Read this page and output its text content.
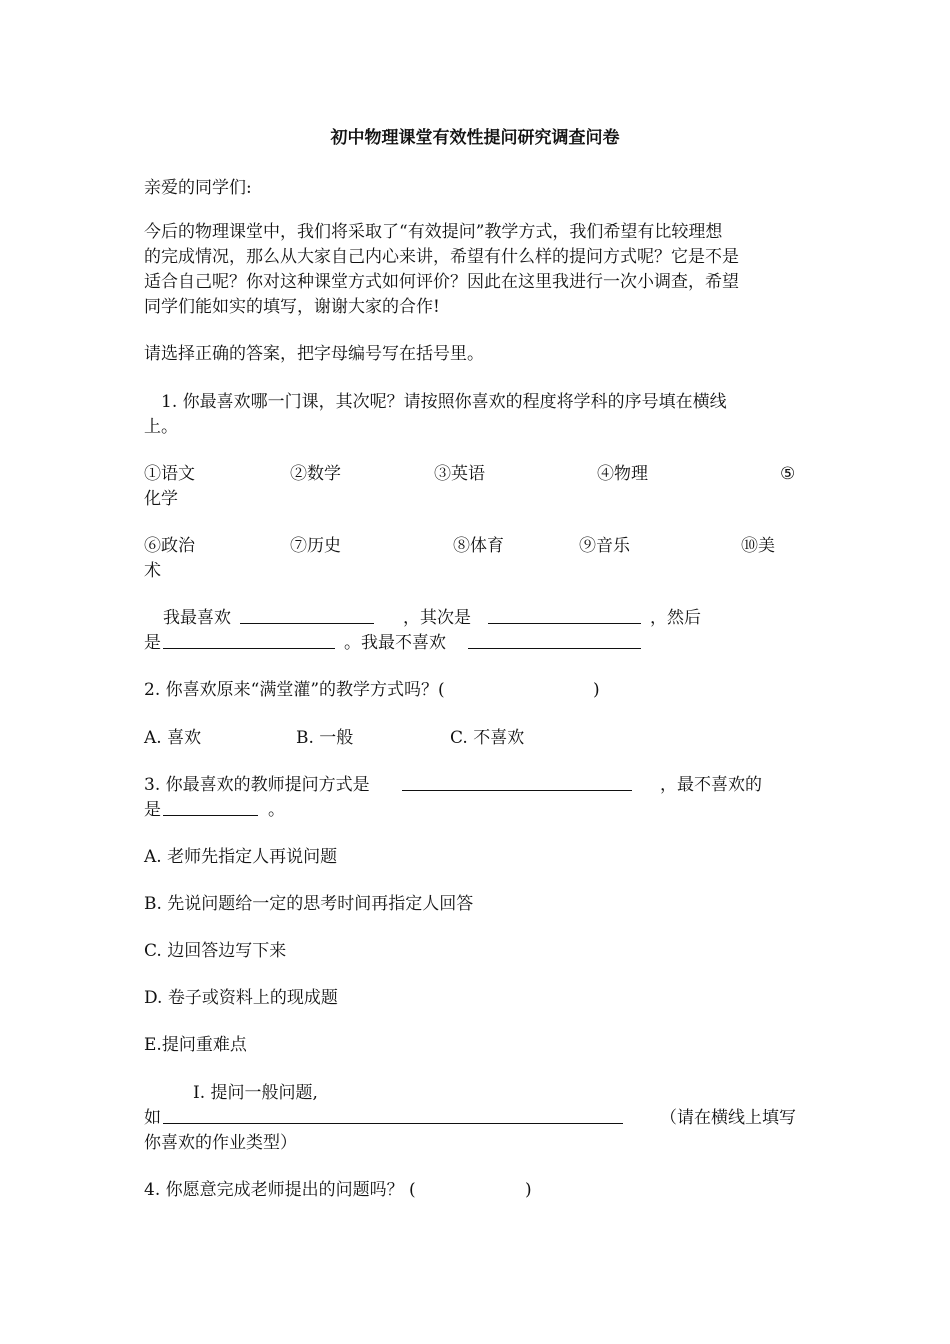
初中物理课堂有效性提问研究调查问卷
亲爱的同学们:
今后的物理课堂中，我们将采取了“有效提问”教学方式，我们希望有比较理想
的完成情况，那么从大家自己内心来讲，希望有什么样的提问方式呢？它是不是
适合自己呢？你对这种课堂方式如何评价？因此在这里我进行一次小调查，希望
同学们能如实的填写，谢谢大家的合作!
请选择正确的答案，把字母编号写在括号里。
1. 你最喜欢哪一门课，其次呢？请按照你喜欢的程度将学科的序号填在横线
上。
①语文	②数学	③英语	④物理	⑤
化学
⑥政治	⑦历史	⑧体育	⑨音乐	⑩美
术
我最喜欢	，其次是	，然后
是	。我最不喜欢
2. 你喜欢原来“满堂灌”的教学方式吗？(	)
A. 喜欢	B. 一般	C. 不喜欢
3. 你最喜欢的教师提问方式是	，最不喜欢的
是	。
A. 老师先指定人再说问题
B. 先说问题给一定的思考时间再指定人回答
C. 边回答边写下来
D. 卷子或资料上的现成题
E.提问重难点
I. 提问一般问题,
如	（请在横线上填写
你喜欢的作业类型）
4. 你愿意完成老师提出的问题吗？ (	)
